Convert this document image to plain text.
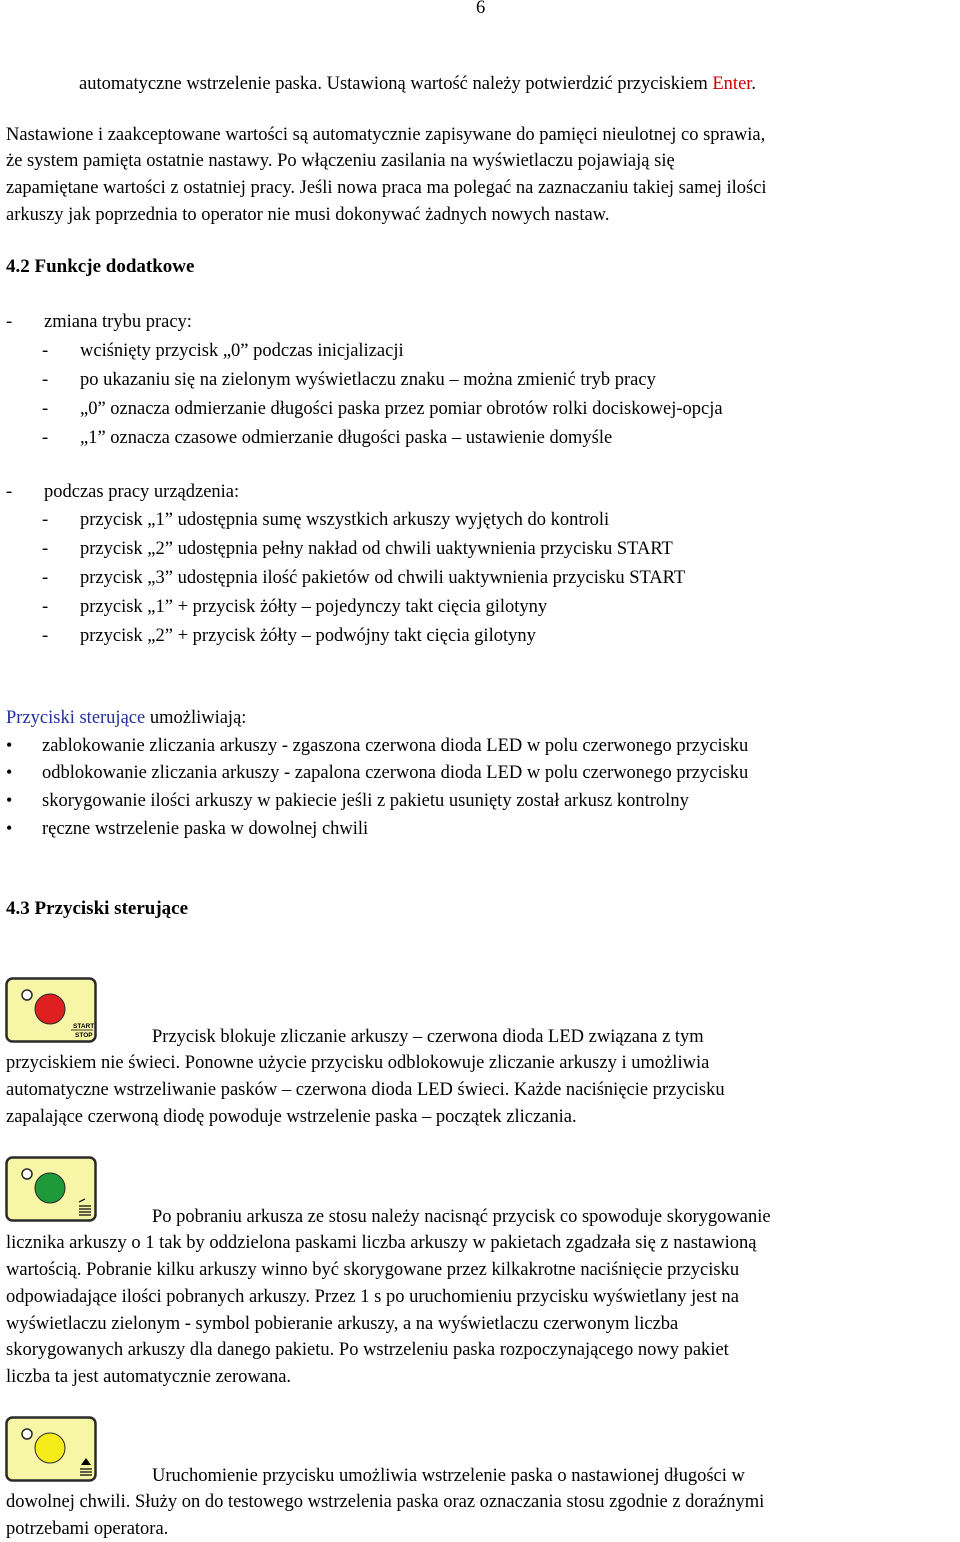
6
automatyczne wstrzelenie paska. Ustawioną wartość należy potwierdzić przyciskiem Enter.
Nastawione i zaakceptowane wartości są automatycznie zapisywane do pamięci nieulotnej co sprawia,
że system pamięta ostatnie nastawy. Po włączeniu zasilania na wyświetlaczu pojawiają się
zapamiętane wartości z ostatniej pracy. Jeśli nowa praca ma polegać na zaznaczaniu takiej samej ilości
arkuszy jak poprzednia to operator nie musi dokonywać żadnych nowych nastaw.
4.2 Funkcje dodatkowe
- zmiana trybu pracy:
- wciśnięty przycisk „0” podczas inicjalizacji
- po ukazaniu się na zielonym wyświetlaczu znaku – można zmienić tryb pracy
- „0” oznacza odmierzanie długości paska przez pomiar obrotów rolki dociskowej-opcja
- „1” oznacza czasowe odmierzanie długości paska – ustawienie domyśle
- podczas pracy urządzenia:
- przycisk „1” udostępnia sumę wszystkich arkuszy wyjętych do kontroli
- przycisk „2” udostępnia pełny nakład od chwili uaktywnienia przycisku START
- przycisk „3” udostępnia ilość pakietów od chwili uaktywnienia przycisku START
- przycisk „1” + przycisk żółty – pojedynczy takt cięcia gilotyny
- przycisk „2” + przycisk żółty – podwójny takt cięcia gilotyny
Przyciski sterujące umożliwiają:
• zablokowanie zliczania arkuszy - zgaszona czerwona dioda LED w polu czerwonego przycisku
• odblokowanie zliczania arkuszy - zapalona czerwona dioda LED w polu czerwonego przycisku
• skorygowanie ilości arkuszy w pakiecie jeśli z pakietu usunięty został arkusz kontrolny
• ręczne wstrzelenie paska w dowolnej chwili
4.3 Przyciski sterujące
START
STOP	Przycisk blokuje zliczanie arkuszy – czerwona dioda LED związana z tym
przyciskiem nie świeci. Ponowne użycie przycisku odblokowuje zliczanie arkuszy i umożliwia
automatyczne wstrzeliwanie pasków – czerwona dioda LED świeci. Każde naciśnięcie przycisku
zapalające czerwoną diodę powoduje wstrzelenie paska – początek zliczania.
Po pobraniu arkusza ze stosu należy nacisnąć przycisk co spowoduje skorygowanie
licznika arkuszy o 1 tak by oddzielona paskami liczba arkuszy w pakietach zgadzała się z nastawioną
wartością. Pobranie kilku arkuszy winno być skorygowane przez kilkakrotne naciśnięcie przycisku
odpowiadające ilości pobranych arkuszy. Przez 1 s po uruchomieniu przycisku wyświetlany jest na
wyświetlaczu zielonym - symbol pobieranie arkuszy, a na wyświetlaczu czerwonym liczba
skorygowanych arkuszy dla danego pakietu. Po wstrzeleniu paska rozpoczynającego nowy pakiet
liczba ta jest automatycznie zerowana.
Uruchomienie przycisku umożliwia wstrzelenie paska o nastawionej długości w
dowolnej chwili. Służy on do testowego wstrzelenia paska oraz oznaczania stosu zgodnie z doraźnymi
potrzebami operatora.
